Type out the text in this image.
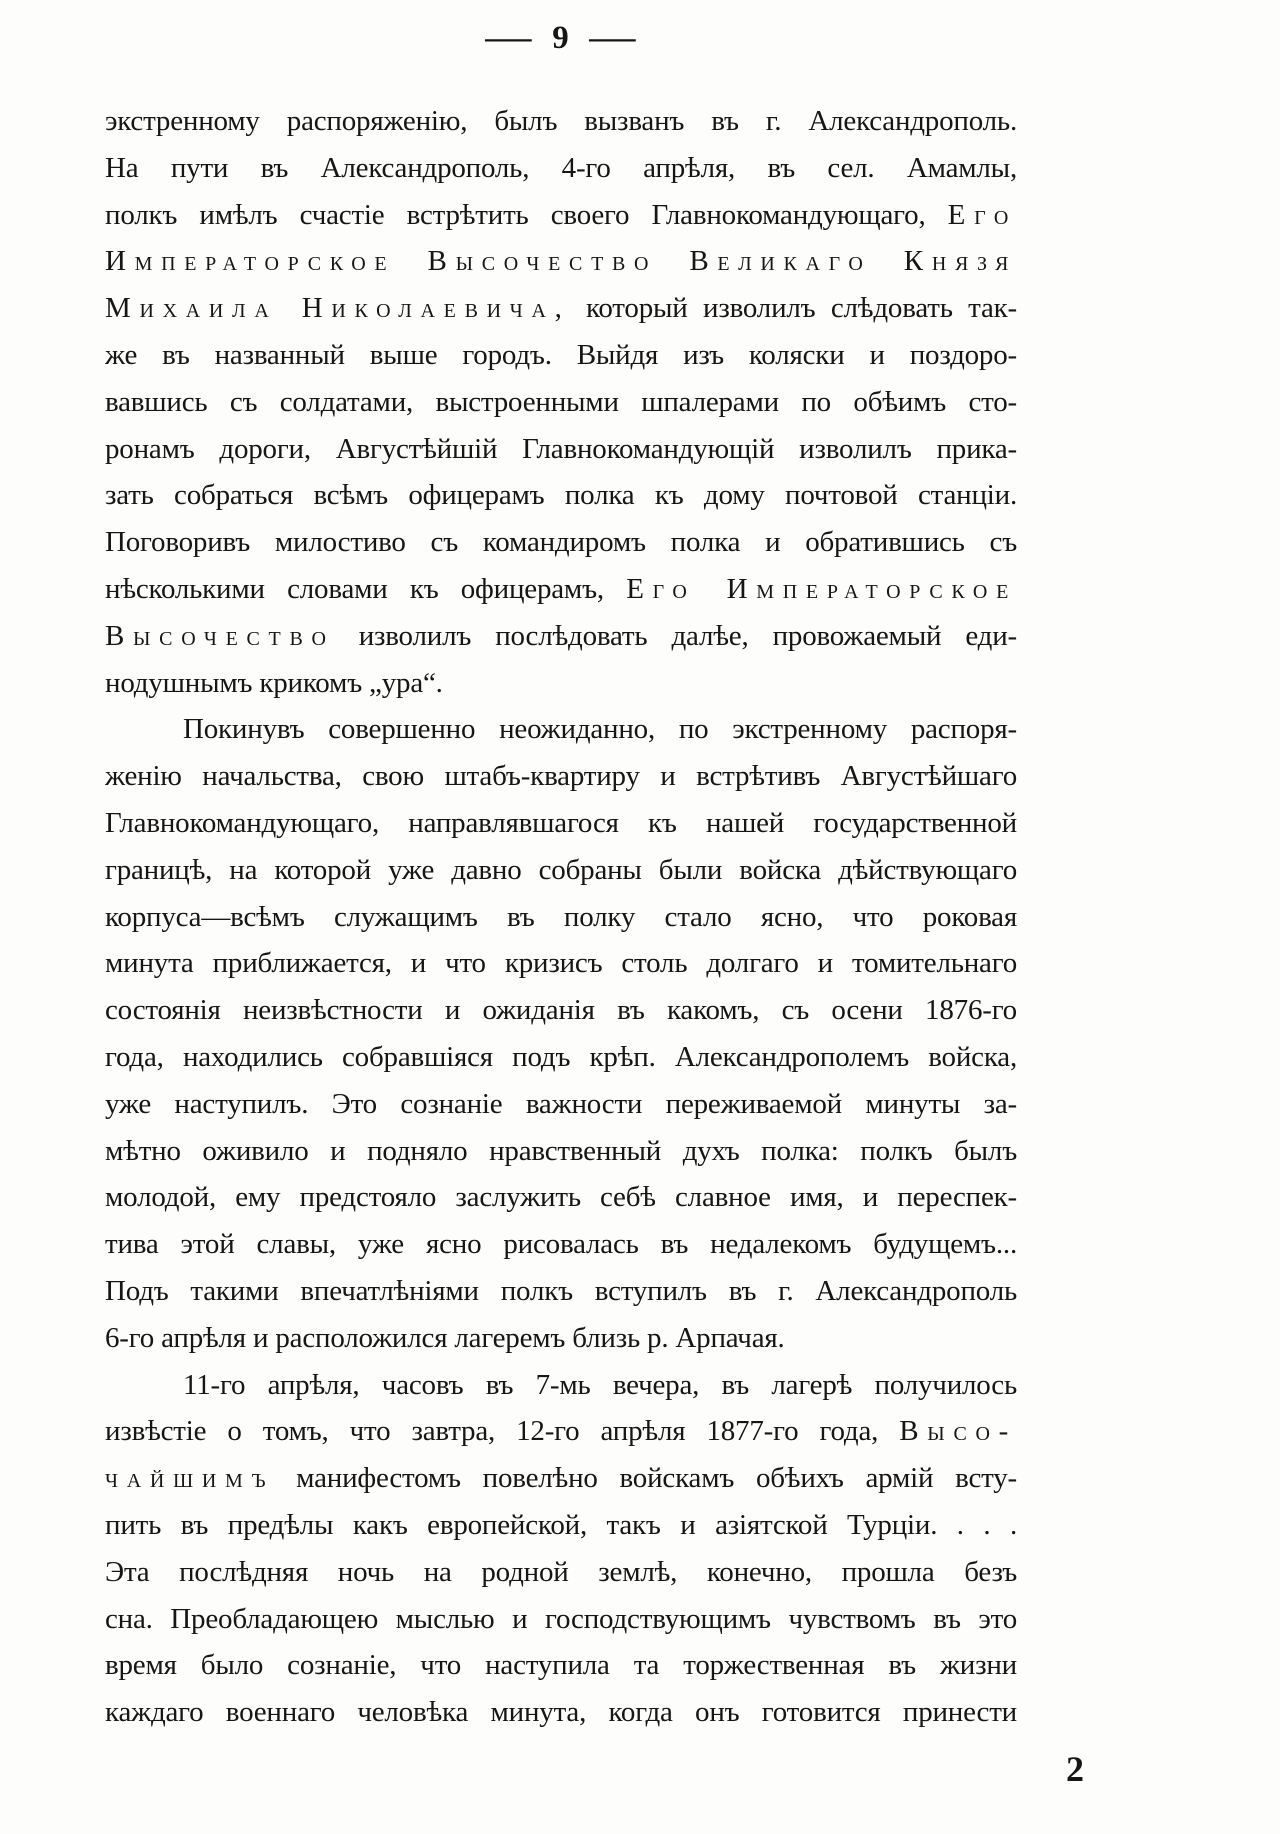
— 9 —
экстренному распоряженію, былъ вызванъ въ г. Александрополь.
На пути въ Александрополь, 4-го апрѣля, въ сел. Амамлы,
полкъ имѣлъ счастіе встрѣтить своего Главнокомандующаго, Его
Императорское Высочество Великаго Князя
Михаила Николаевича, который изволилъ слѣдовать так-
же въ названный выше городъ. Выйдя изъ коляски и поздоро-
вавшись съ солдатами, выстроенными шпалерами по обѣимъ сто-
ронамъ дороги, Августѣйшій Главнокомандующій изволилъ прика-
зать собраться всѣмъ офицерамъ полка къ дому почтовой станціи.
Поговоривъ милостиво съ командиромъ полка и обратившись съ
нѣсколькими словами къ офицерамъ, Его Императорское
Высочество изволилъ послѣдовать далѣе, провожаемый еди-
нодушнымъ крикомъ „ура“.
Покинувъ совершенно неожиданно, по экстренному распоря-
женію начальства, свою штабъ-квартиру и встрѣтивъ Августѣйшаго
Главнокомандующаго, направлявшагося къ нашей государственной
границѣ, на которой уже давно собраны были войска дѣйствующаго
корпуса—всѣмъ служащимъ въ полку стало ясно, что роковая
минута приближается, и что кризисъ столь долгаго и томительнаго
состоянія неизвѣстности и ожиданія въ какомъ, съ осени 1876-го
года, находились собравшіяся подъ крѣп. Александрополемъ войска,
уже наступилъ. Это сознаніе важности переживаемой минуты за-
мѣтно оживило и подняло нравственный духъ полка: полкъ былъ
молодой, ему предстояло заслужить себѣ славное имя, и переспек-
тива этой славы, уже ясно рисовалась въ недалекомъ будущемъ...
Подъ такими впечатлѣніями полкъ вступилъ въ г. Александрополь
6-го апрѣля и расположился лагеремъ близь р. Арпачая.
11-го апрѣля, часовъ въ 7-мь вечера, въ лагерѣ получилось
извѣстіе о томъ, что завтра, 12-го апрѣля 1877-го года, Высо-
чайшимъ манифестомъ повелѣно войскамъ обѣихъ армій всту-
пить въ предѣлы какъ европейской, такъ и азіятской Турціи. . . .
Эта послѣдняя ночь на родной землѣ, конечно, прошла безъ
сна. Преобладающею мыслью и господствующимъ чувствомъ въ это
время было сознаніе, что наступила та торжественная въ жизни
каждаго военнаго человѣка минута, когда онъ готовится принести
2
